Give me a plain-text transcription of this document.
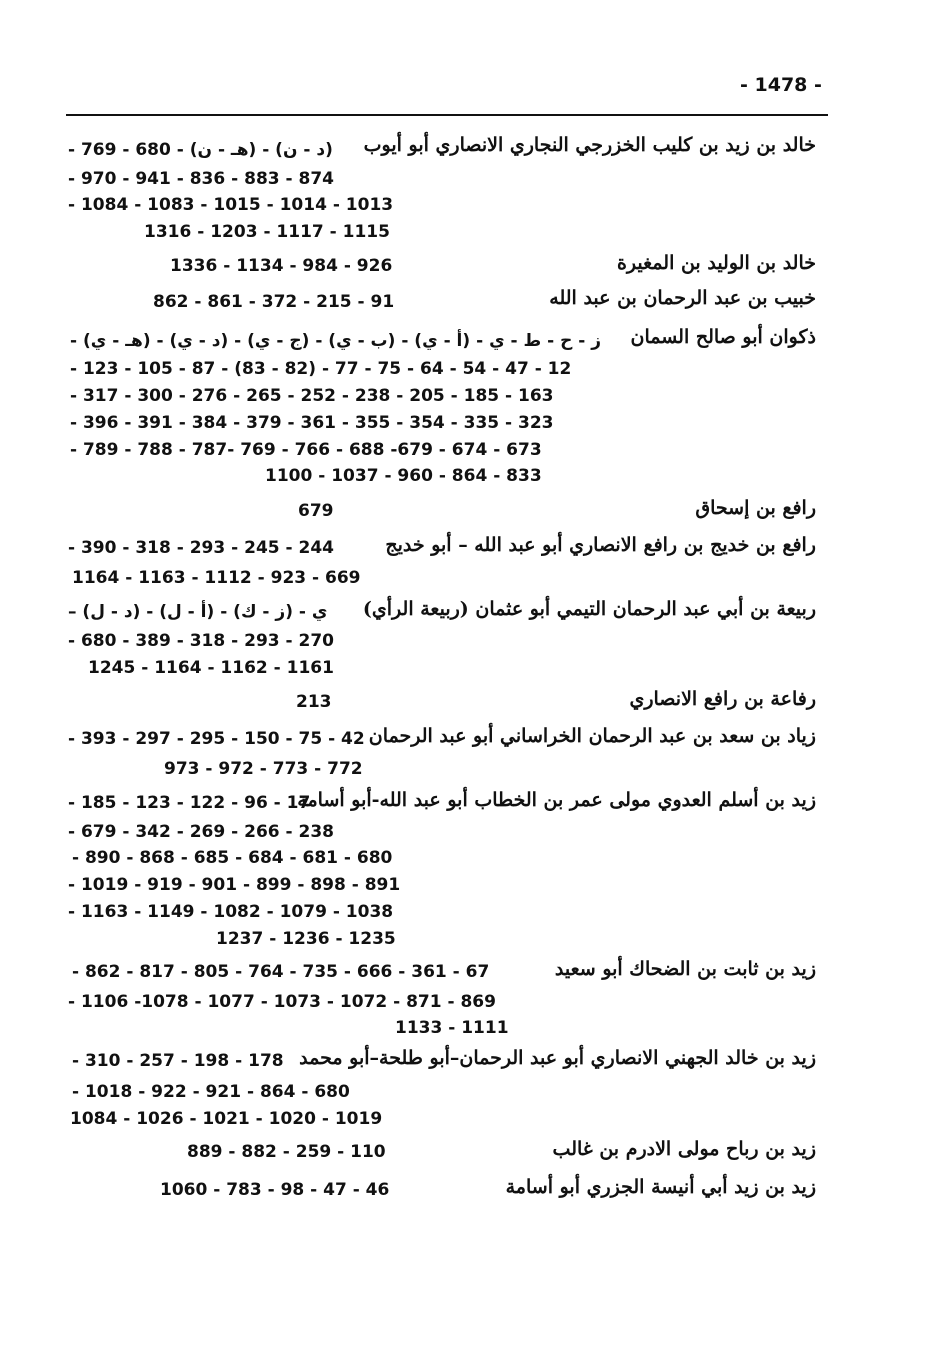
- 1478 -
خالد بن زيد بن كليب الخزرجي النجاري الانصاري أبو أيوب
- 769 - 680 - (هـ - ن) - (د - ن)
- 970 - 941 - 836 - 883 - 874
- 1084 - 1083 - 1015 - 1014 - 1013
1316 - 1203 - 1117 - 1115
خالد بن الوليد بن المغيرة
1336 - 1134 - 984 - 926
خبيب بن عبد الرحمان بن عبد الله
862 - 861 - 372 - 215 - 91
ذكوان أبو صالح السمان
- (هـ - ي) - (د - ي) - (ج - ي) - (ب - ي) - (أ - ي) - ز - ح - ط - ي
- 123 - 105 - 87 - (83 - 82) - 77 - 75 - 64 - 54 - 47 - 12
- 317 - 300 - 276 - 265 - 252 - 238 - 205 - 185 - 163
- 396 - 391 - 384 - 379 - 361 - 355 - 354 - 335 - 323
- 789 - 788 - 787- 769 - 766 - 688 -679 - 674 - 673
1100 - 1037 - 960 - 864 - 833
رافع بن إسحاق
679
رافع بن خديج بن رافع الانصاري أبو عبد الله – أبو خديج
- 390 - 318 - 293 - 245 - 244
1164 - 1163 - 1112 - 923 - 669
ربيعة بن أبي عبد الرحمان التيمي أبو عثمان (ربيعة الرأي)
– (د - ل) - (أ - ل) - (ز - ك) - ي
- 680 - 389 - 318 - 293 - 270
1245 - 1164 - 1162 - 1161
رفاعة بن رافع الانصاري
213
زياد بن سعد بن عبد الرحمان الخراساني أبو عبد الرحمان
- 393 - 297 - 295 - 150 - 75 - 42
973 - 972 - 773 - 772
زيد بن أسلم العدوي مولى عمر بن الخطاب أبو عبد الله-أبو أسامة
- 185 - 123 - 122 - 96 - 17
- 679 - 342 - 269 - 266 - 238
- 890 - 868 - 685 - 684 - 681 - 680
- 1019 - 919 - 901 - 899 - 898 - 891
- 1163 - 1149 - 1082 - 1079 - 1038
1237 - 1236 - 1235
زيد بن ثابت بن الضحاك أبو سعيد
- 862 - 817 - 805 - 764 - 735 - 666 - 361 - 67
- 1106 -1078 - 1077 - 1073 - 1072 - 871 - 869
1133 - 1111
زيد بن خالد الجهني الانصاري أبو عبد الرحمان–أبو طلحة–أبو محمد
- 310 - 257 - 198 - 178
- 1018 - 922 - 921 - 864 - 680
1084 - 1026 - 1021 - 1020 - 1019
زيد بن رباح مولى الادرم بن غالب
889 - 882 - 259 - 110
زيد بن زيد أبي أنيسة الجزري أبو أسامة
1060 - 783 - 98 - 47 - 46
